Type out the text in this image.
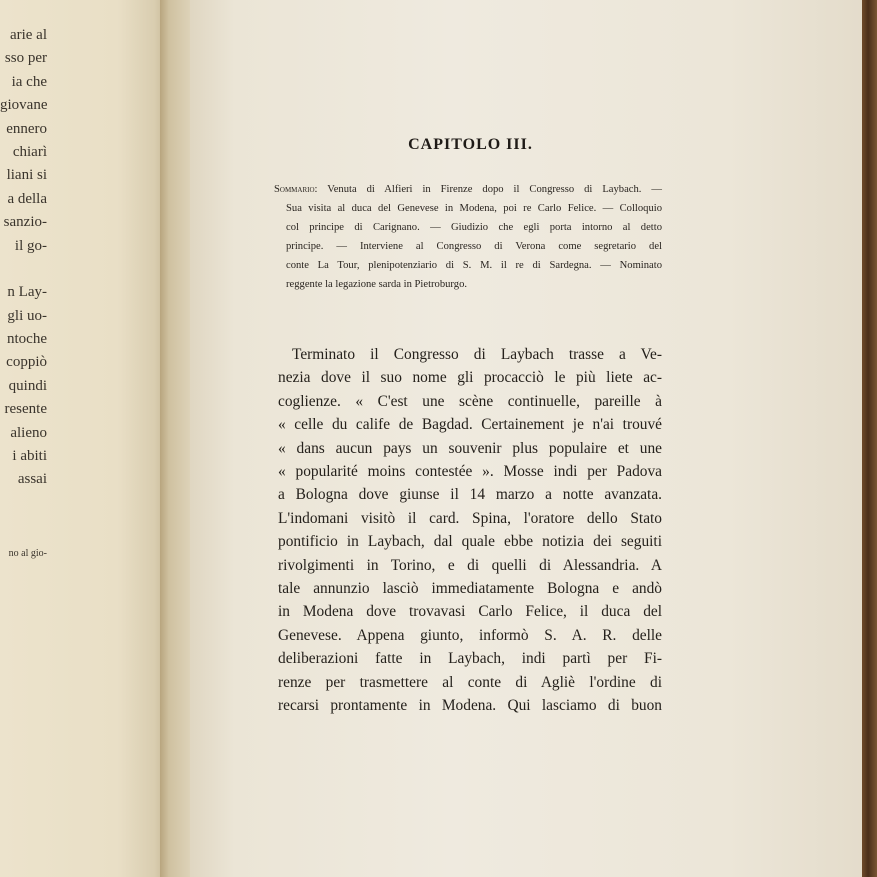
arie al
sso per
ia che
giovane
ennero
chiarì
liani si
a della
sanzio-
il go-
n Lay-
gli uo-
ntoche
coppiò
quindi
resente
alieno
i abiti
assai
no al gio-
CAPITOLO III.
Sommario: Venuta di Alfieri in Firenze dopo il Congresso di Laybach. —
Sua visita al duca del Genevese in Modena, poi re Carlo Felice. — Colloquio
col principe di Carignano. — Giudizio che egli porta intorno al detto
principe. — Interviene al Congresso di Verona come segretario del
conte La Tour, plenipotenziario di S. M. il re di Sardegna. — Nominato
reggente la legazione sarda in Pietroburgo.
Terminato il Congresso di Laybach trasse a Ve-
nezia dove il suo nome gli procacciò le più liete ac-
coglienze. « C'est une scène continuelle, pareille à
« celle du calife de Bagdad. Certainement je n'ai trouvé
« dans aucun pays un souvenir plus populaire et une
« popularité moins contestée ». Mosse indi per Padova
a Bologna dove giunse il 14 marzo a notte avanzata.
L'indomani visitò il card. Spina, l'oratore dello Stato
pontificio in Laybach, dal quale ebbe notizia dei seguiti
rivolgimenti in Torino, e di quelli di Alessandria. A
tale annunzio lasciò immediatamente Bologna e andò
in Modena dove trovavasi Carlo Felice, il duca del
Genevese. Appena giunto, informò S. A. R. delle
deliberazioni fatte in Laybach, indi partì per Fi-
renze per trasmettere al conte di Agliè l'ordine di
recarsi prontamente in Modena. Qui lasciamo di buon
